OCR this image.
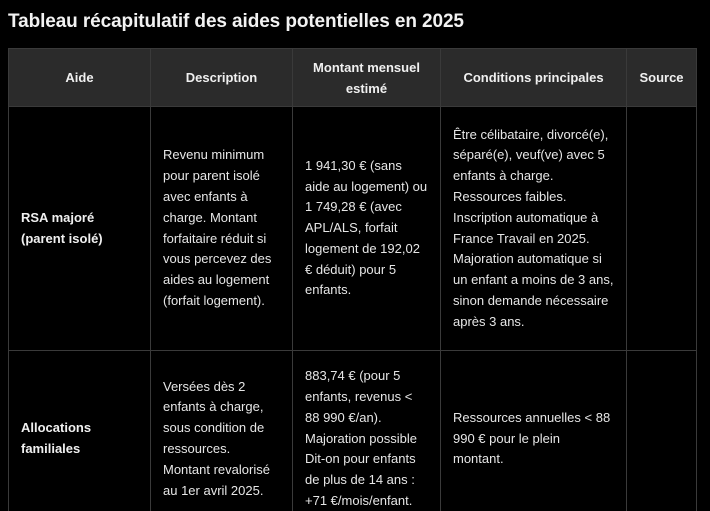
Tableau récapitulatif des aides potentielles en 2025
Aide	Description	Montant mensuel estimé	Conditions principales	Source
RSA majoré (parent isolé)	Revenu minimum pour parent isolé avec enfants à charge. Montant forfaitaire réduit si vous percevez des aides au logement (forfait logement).	1 941,30 € (sans aide au logement) ou 1 749,28 € (avec APL/ALS, forfait logement de 192,02 € déduit) pour 5 enfants.	Être célibataire, divorcé(e), séparé(e), veuf(ve) avec 5 enfants à charge. Ressources faibles. Inscription automatique à France Travail en 2025. Majoration automatique si un enfant a moins de 3 ans, sinon demande nécessaire après 3 ans.	
Allocations familiales	Versées dès 2 enfants à charge, sous condition de ressources. Montant revalorisé au 1er avril 2025.	883,74 € (pour 5 enfants, revenus < 88 990 €/an). Majoration possible Dit-on pour enfants de plus de 14 ans : +71 €/mois/enfant.	Ressources annuelles < 88 990 € pour le plein montant.	
